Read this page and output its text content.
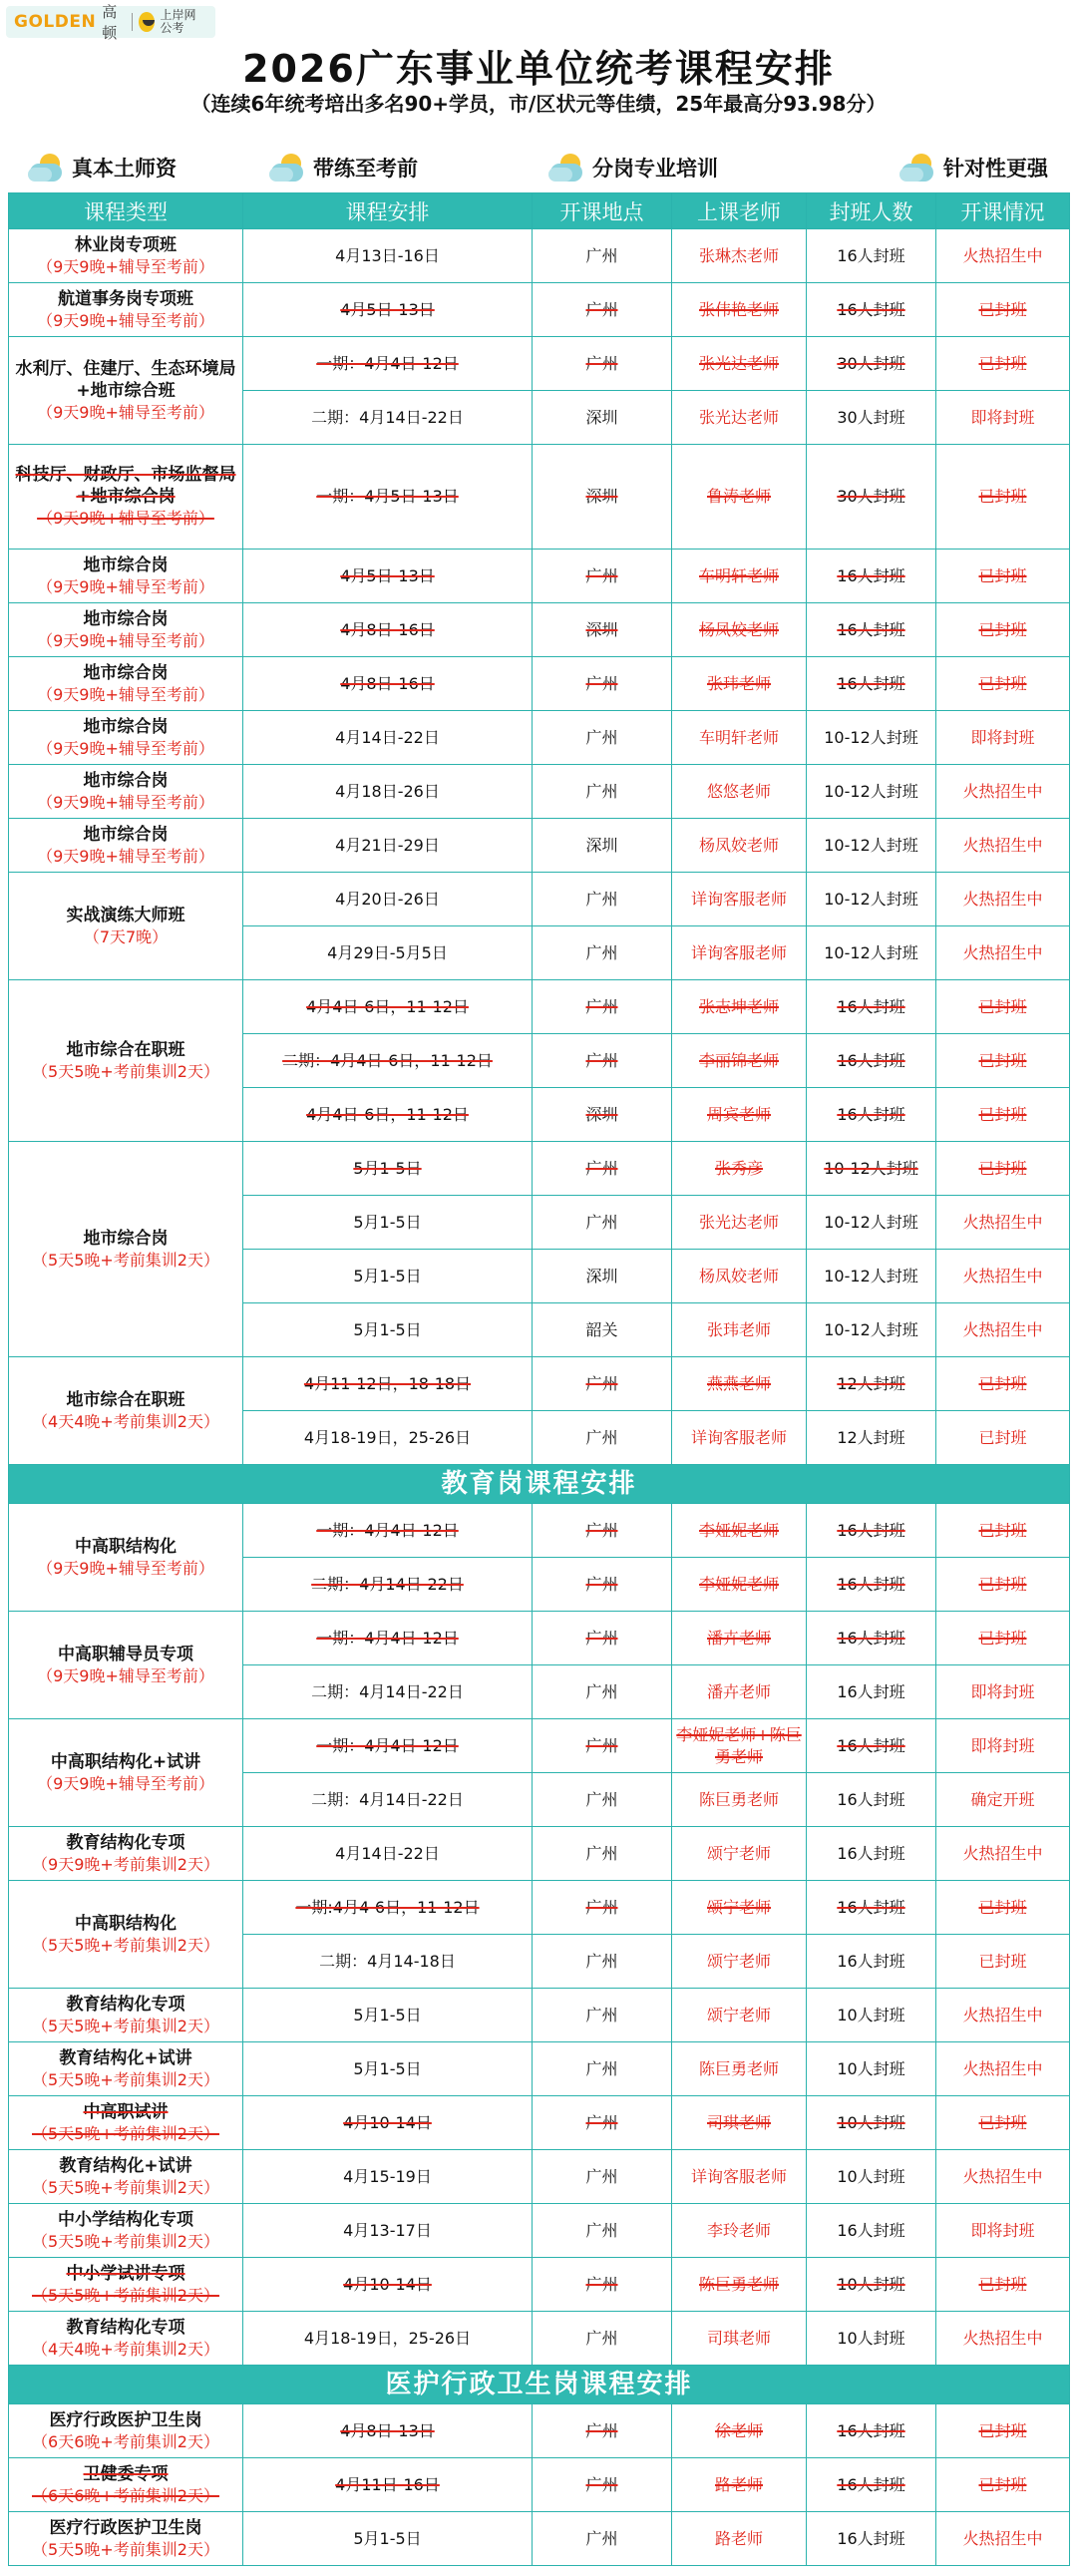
GOLDEN 高顿
上岸网公考
2026广东事业单位统考课程安排
（连续6年统考培出多名90+学员，市/区状元等佳绩，25年最高分93.98分）
真本土师资	带练至考前	分岗专业培训	针对性更强
课程类型	课程安排	开课地点	上课老师	封班人数	开课情况

林业岗专项班
（9天9晚+辅导至考前）	4月13日-16日	广州	张琳杰老师	16人封班	火热招生中

航道事务岗专项班
（9天9晚+辅导至考前）	4月5日-13日	广州	张伟艳老师	16人封班	已封班

水利厅、住建厅、生态环境局+地市综合班
（9天9晚+辅导至考前）	一期：4月4日-12日	广州	张光达老师	30人封班	已封班
	二期：4月14日-22日	深圳	张光达老师	30人封班	即将封班

科技厅、财政厅、市场监督局+地市综合岗
（9天9晚+辅导至考前）	一期：4月5日-13日	深圳	鲁涛老师	30人封班	已封班

地市综合岗
（9天9晚+辅导至考前）	4月5日-13日	广州	车明轩老师	16人封班	已封班

地市综合岗
（9天9晚+辅导至考前）	4月8日-16日	深圳	杨凤姣老师	16人封班	已封班

地市综合岗
（9天9晚+辅导至考前）	4月8日-16日	广州	张玮老师	16人封班	已封班

地市综合岗
（9天9晚+辅导至考前）	4月14日-22日	广州	车明轩老师	10-12人封班	即将封班

地市综合岗
（9天9晚+辅导至考前）	4月18日-26日	广州	悠悠老师	10-12人封班	火热招生中

地市综合岗
（9天9晚+辅导至考前）	4月21日-29日	深圳	杨凤姣老师	10-12人封班	火热招生中

实战演练大师班
（7天7晚）	4月20日-26日	广州	详询客服老师	10-12人封班	火热招生中
	4月29日-5月5日	广州	详询客服老师	10-12人封班	火热招生中

地市综合在职班
（5天5晚+考前集训2天）	4月4日-6日，11-12日	广州	张志坤老师	16人封班	已封班
	二期：4月4日-6日，11-12日	广州	李丽锦老师	16人封班	已封班
	4月4日-6日，11-12日	深圳	周宾老师	16人封班	已封班

地市综合岗
（5天5晚+考前集训2天）	5月1-5日	广州	张秀彦	10-12人封班	已封班
	5月1-5日	广州	张光达老师	10-12人封班	火热招生中
	5月1-5日	深圳	杨凤姣老师	10-12人封班	火热招生中
	5月1-5日	韶关	张玮老师	10-12人封班	火热招生中

地市综合在职班
（4天4晚+考前集训2天）	4月11-12日，18-18日	广州	燕燕老师	12人封班	已封班
	4月18-19日，25-26日	广州	详询客服老师	12人封班	已封班
教育岗课程安排					

中高职结构化
（9天9晚+辅导至考前）	一期：4月4日-12日	广州	李娅妮老师	16人封班	已封班
	二期：4月14日-22日	广州	李娅妮老师	16人封班	已封班

中高职辅导员专项
（9天9晚+辅导至考前）	一期：4月4日-12日	广州	潘卉老师	16人封班	已封班
	二期：4月14日-22日	广州	潘卉老师	16人封班	即将封班

中高职结构化+试讲
（9天9晚+辅导至考前）	一期：4月4日-12日	广州	李娅妮老师+陈巨勇老师	16人封班	即将封班
	二期：4月14日-22日	广州	陈巨勇老师	16人封班	确定开班

教育结构化专项
（9天9晚+考前集训2天）	4月14日-22日	广州	颂宁老师	16人封班	火热招生中

中高职结构化
（5天5晚+考前集训2天）	一期:4月4-6日，11-12日	广州	颂宁老师	16人封班	已封班
	二期：4月14-18日	广州	颂宁老师	16人封班	已封班

教育结构化专项
（5天5晚+考前集训2天）	5月1-5日	广州	颂宁老师	10人封班	火热招生中

教育结构化+试讲
（5天5晚+考前集训2天）	5月1-5日	广州	陈巨勇老师	10人封班	火热招生中

中高职试讲
（5天5晚+考前集训2天）	4月10-14日	广州	司琪老师	10人封班	已封班

教育结构化+试讲
（5天5晚+考前集训2天）	4月15-19日	广州	详询客服老师	10人封班	火热招生中

中小学结构化专项
（5天5晚+考前集训2天）	4月13-17日	广州	李玲老师	16人封班	即将封班

中小学试讲专项
（5天5晚+考前集训2天）	4月10-14日	广州	陈巨勇老师	10人封班	已封班

教育结构化专项
（4天4晚+考前集训2天）	4月18-19日，25-26日	广州	司琪老师	10人封班	火热招生中
医护行政卫生岗课程安排					

医疗行政医护卫生岗
（6天6晚+考前集训2天）	4月8日-13日	广州	徐老师	16人封班	已封班

卫健委专项
（6天6晚+考前集训2天）	4月11日-16日	广州	路老师	16人封班	已封班

医疗行政医护卫生岗
（5天5晚+考前集训2天）	5月1-5日	广州	路老师	16人封班	火热招生中
